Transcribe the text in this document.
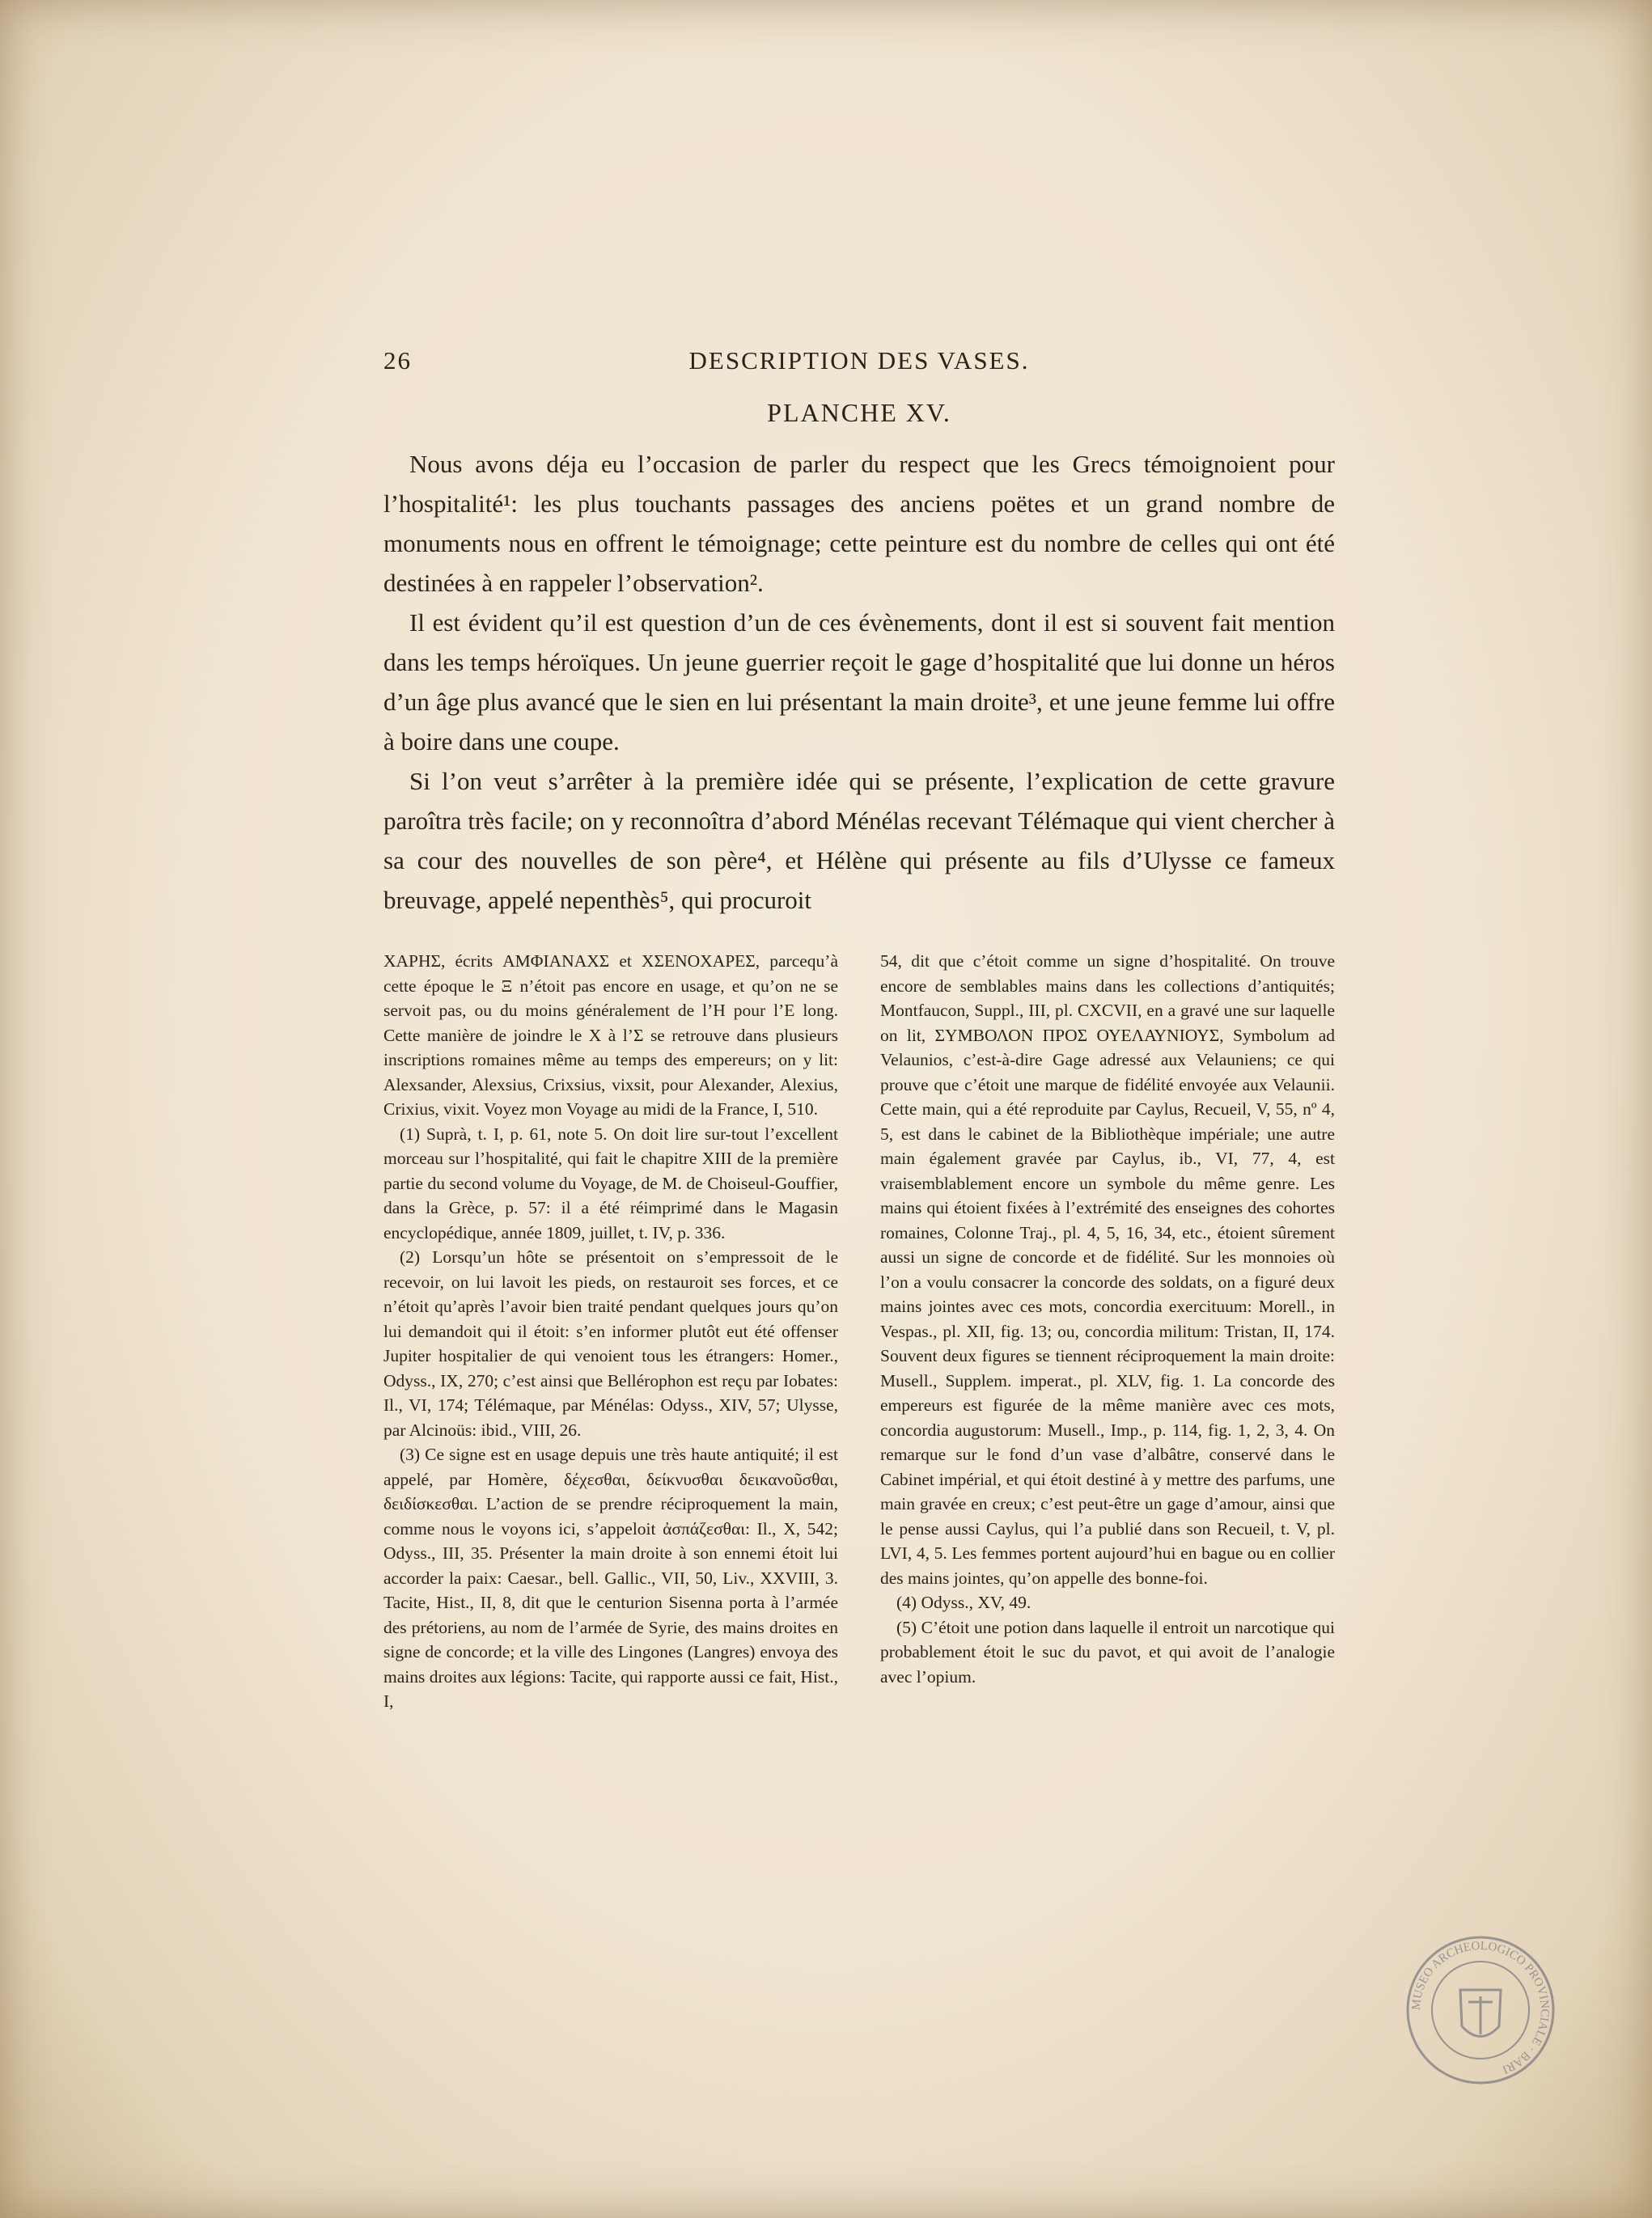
26	DESCRIPTION DES VASES.
PLANCHE XV.

Nous avons déja eu l’occasion de parler du respect que les Grecs témoignoient pour l’hospitalité¹: les plus touchants passages des anciens poëtes et un grand nombre de monuments nous en offrent le témoignage; cette peinture est du nombre de celles qui ont été destinées à en rappeler l’observation².

Il est évident qu’il est question d’un de ces évènements, dont il est si souvent fait mention dans les temps héroïques. Un jeune guerrier reçoit le gage d’hospitalité que lui donne un héros d’un âge plus avancé que le sien en lui présentant la main droite³, et une jeune femme lui offre à boire dans une coupe.

Si l’on veut s’arrêter à la première idée qui se présente, l’explication de cette gravure paroîtra très facile; on y reconnoîtra d’abord Ménélas recevant Télémaque qui vient chercher à sa cour des nouvelles de son père⁴, et Hélène qui présente au fils d’Ulysse ce fameux breuvage, appelé nepenthès⁵, qui procuroit

ΧΑΡΗΣ, écrits ΑΜΦΙΑΝΑΧΣ et ΧΣΕΝΟΧΑΡΕΣ, parcequ’à cette époque le Ξ n’étoit pas encore en usage, et qu’on ne se servoit pas, ou du moins généralement de l’Η pour l’Ε long. Cette manière de joindre le Χ à l’Σ se retrouve dans plusieurs inscriptions romaines même au temps des empereurs; on y lit: Alexsander, Alexsius, Crixsius, vixsit, pour Alexander, Alexius, Crixius, vixit. Voyez mon Voyage au midi de la France, I, 510.

(1) Suprà, t. I, p. 61, note 5. On doit lire sur-tout l’excellent morceau sur l’hospitalité, qui fait le chapitre XIII de la première partie du second volume du Voyage, de M. de Choiseul-Gouffier, dans la Grèce, p. 57: il a été réimprimé dans le Magasin encyclopédique, année 1809, juillet, t. IV, p. 336.

(2) Lorsqu’un hôte se présentoit on s’empressoit de le recevoir, on lui lavoit les pieds, on restauroit ses forces, et ce n’étoit qu’après l’avoir bien traité pendant quelques jours qu’on lui demandoit qui il étoit: s’en informer plutôt eut été offenser Jupiter hospitalier de qui venoient tous les étrangers: Homer., Odyss., IX, 270; c’est ainsi que Bellérophon est reçu par Iobates: Il., VI, 174; Télémaque, par Ménélas: Odyss., XIV, 57; Ulysse, par Alcinoüs: ibid., VIII, 26.

(3) Ce signe est en usage depuis une très haute antiquité; il est appelé, par Homère, δέχεσθαι, δείκνυσθαι δεικανοῦσθαι, δειδίσκεσθαι. L’action de se prendre réciproquement la main, comme nous le voyons ici, s’appeloit ἀσπάζεσθαι: Il., X, 542; Odyss., III, 35. Présenter la main droite à son ennemi étoit lui accorder la paix: Caesar., bell. Gallic., VII, 50, Liv., XXVIII, 3. Tacite, Hist., II, 8, dit que le centurion Sisenna porta à l’armée des prétoriens, au nom de l’armée de Syrie, des mains droites en signe de concorde; et la ville des Lingones (Langres) envoya des mains droites aux légions: Tacite, qui rapporte aussi ce fait, Hist., I,

54, dit que c’étoit comme un signe d’hospitalité. On trouve encore de semblables mains dans les collections d’antiquités; Montfaucon, Suppl., III, pl. CXCVII, en a gravé une sur laquelle on lit, ΣΥΜΒΟΛΟΝ ΠΡΟΣ ΟΥΕΛΑΥΝΙΟΥΣ, Symbolum ad Velaunios, c’est-à-dire Gage adressé aux Velauniens; ce qui prouve que c’étoit une marque de fidélité envoyée aux Velaunii. Cette main, qui a été reproduite par Caylus, Recueil, V, 55, nº 4, 5, est dans le cabinet de la Bibliothèque impériale; une autre main également gravée par Caylus, ib., VI, 77, 4, est vraisemblablement encore un symbole du même genre. Les mains qui étoient fixées à l’extrémité des enseignes des cohortes romaines, Colonne Traj., pl. 4, 5, 16, 34, etc., étoient sûrement aussi un signe de concorde et de fidélité. Sur les monnoies où l’on a voulu consacrer la concorde des soldats, on a figuré deux mains jointes avec ces mots, concordia exercituum: Morell., in Vespas., pl. XII, fig. 13; ou, concordia militum: Tristan, II, 174. Souvent deux figures se tiennent réciproquement la main droite: Musell., Supplem. imperat., pl. XLV, fig. 1. La concorde des empereurs est figurée de la même manière avec ces mots, concordia augustorum: Musell., Imp., p. 114, fig. 1, 2, 3, 4. On remarque sur le fond d’un vase d’albâtre, conservé dans le Cabinet impérial, et qui étoit destiné à y mettre des parfums, une main gravée en creux; c’est peut-être un gage d’amour, ainsi que le pense aussi Caylus, qui l’a publié dans son Recueil, t. V, pl. LVI, 4, 5. Les femmes portent aujourd’hui en bague ou en collier des mains jointes, qu’on appelle des bonne-foi.

(4) Odyss., XV, 49.

(5) C’étoit une potion dans laquelle il entroit un narcotique qui probablement étoit le suc du pavot, et qui avoit de l’analogie avec l’opium.

MUSEO ARCHEOLOGICO PROVINCIALE · BARI
